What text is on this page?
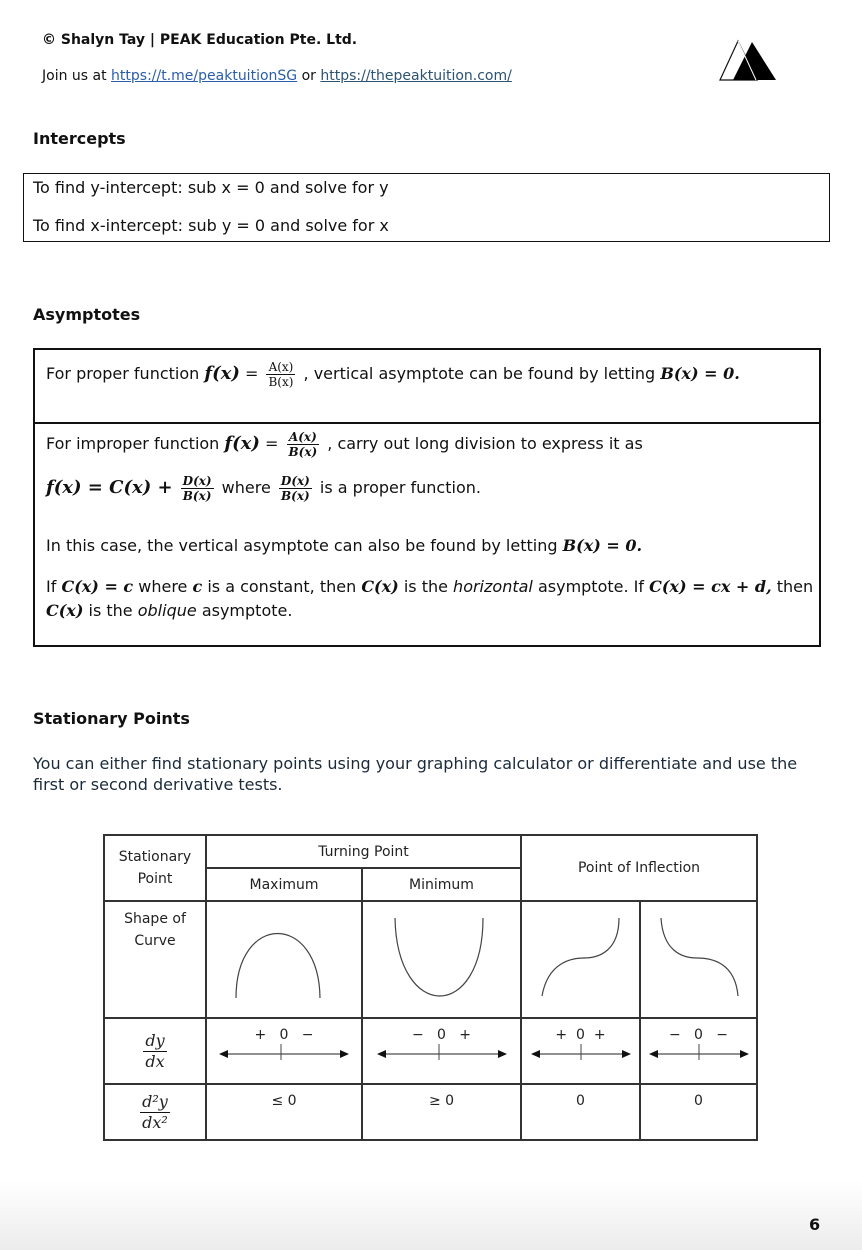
© Shalyn Tay | PEAK Education Pte. Ltd.
Join us at https://t.me/peaktuitionSG or https://thepeaktuition.com/
Intercepts
To find y-intercept: sub x = 0 and solve for y
To find x-intercept: sub y = 0 and solve for x
Asymptotes
For proper function $f(x) = \frac{A(x)}{B(x)}$ , vertical asymptote can be found by letting B(x) = 0.
For improper function $f(x) = \frac{A(x)}{B(x)}$ , carry out long division to express it as
$f(x) = C(x) + \frac{D(x)}{B(x)}$ where $\frac{D(x)}{B(x)}$ is a proper function.
In this case, the vertical asymptote can also be found by letting B(x) = 0.
If C(x) = c where c is a constant, then C(x) is the horizontal asymptote. If C(x) = cx + d, then C(x) is the oblique asymptote.
Stationary Points
You can either find stationary points using your graphing calculator or differentiate and use the first or second derivative tests.
Stationary Point	Turning Point		Point of Inflection	
	Maximum	Minimum		
Shape of Curve				

$\frac{dy}{dx}$	+   0   −	−   0   +	+  0  +	−   0   −

$\frac{\text{d²y}}{\text{dx²}}$	≤ 0	≥ 0	0	0
6
